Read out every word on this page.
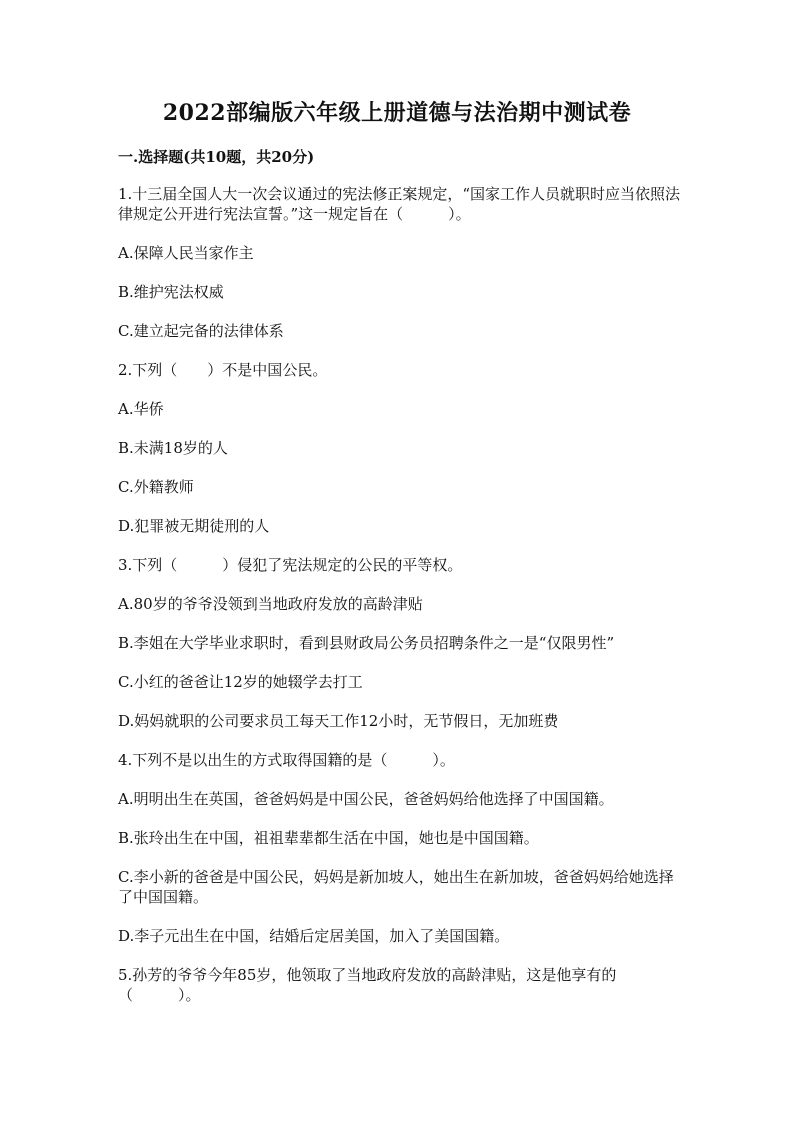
2022部编版六年级上册道德与法治期中测试卷
一.选择题(共10题，共20分)
1.十三届全国人大一次会议通过的宪法修正案规定，“国家工作人员就职时应当依照法律规定公开进行宪法宣誓。”这一规定旨在（　　　）。
A.保障人民当家作主
B.维护宪法权威
C.建立起完备的法律体系
2.下列（　　）不是中国公民。
A.华侨
B.未满18岁的人
C.外籍教师
D.犯罪被无期徒刑的人
3.下列（　　　）侵犯了宪法规定的公民的平等权。
A.80岁的爷爷没领到当地政府发放的高龄津贴
B.李姐在大学毕业求职时，看到县财政局公务员招聘条件之一是“仅限男性”
C.小红的爸爸让12岁的她辍学去打工
D.妈妈就职的公司要求员工每天工作12小时，无节假日，无加班费
4.下列不是以出生的方式取得国籍的是（　　　）。
A.明明出生在英国，爸爸妈妈是中国公民，爸爸妈妈给他选择了中国国籍。
B.张玲出生在中国，祖祖辈辈都生活在中国，她也是中国国籍。
C.李小新的爸爸是中国公民，妈妈是新加坡人，她出生在新加坡，爸爸妈妈给她选择了中国国籍。
D.李子元出生在中国，结婚后定居美国，加入了美国国籍。
5.孙芳的爷爷今年85岁，他领取了当地政府发放的高龄津贴，这是他享有的（　　　）。
